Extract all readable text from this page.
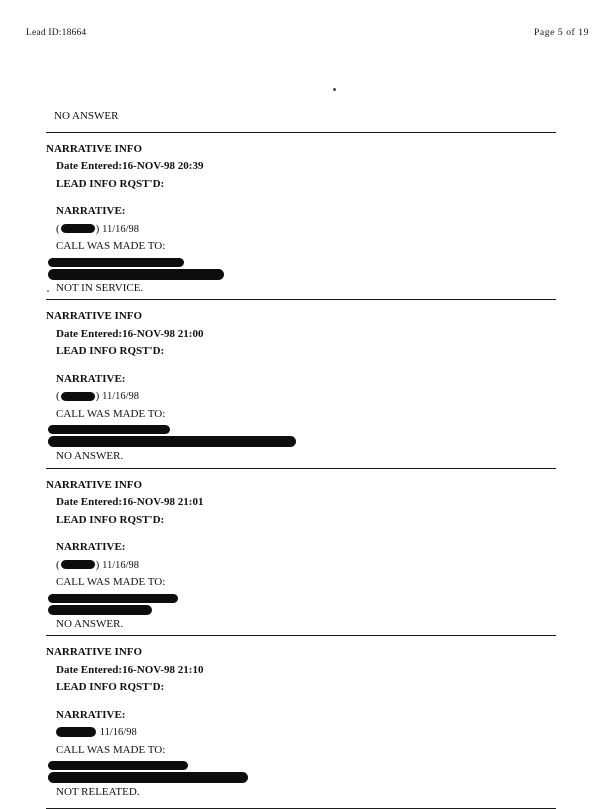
Lead ID:18664	Page 5 of 19
NO ANSWER
NARRATIVE INFO
Date Entered:16-NOV-98 20:39
LEAD INFO RQST'D:
NARRATIVE:
(	) 11/16/98
CALL WAS MADE TO:
NOT IN SERVICE.
NARRATIVE INFO
Date Entered:16-NOV-98 21:00
LEAD INFO RQST'D:
NARRATIVE:
(	) 11/16/98
CALL WAS MADE TO:
NO ANSWER.
NARRATIVE INFO
Date Entered:16-NOV-98 21:01
LEAD INFO RQST'D:
NARRATIVE:
(	) 11/16/98
CALL WAS MADE TO:
NO ANSWER.
NARRATIVE INFO
Date Entered:16-NOV-98 21:10
LEAD INFO RQST'D:
NARRATIVE:
11/16/98
CALL WAS MADE TO:
NOT RELEATED.
